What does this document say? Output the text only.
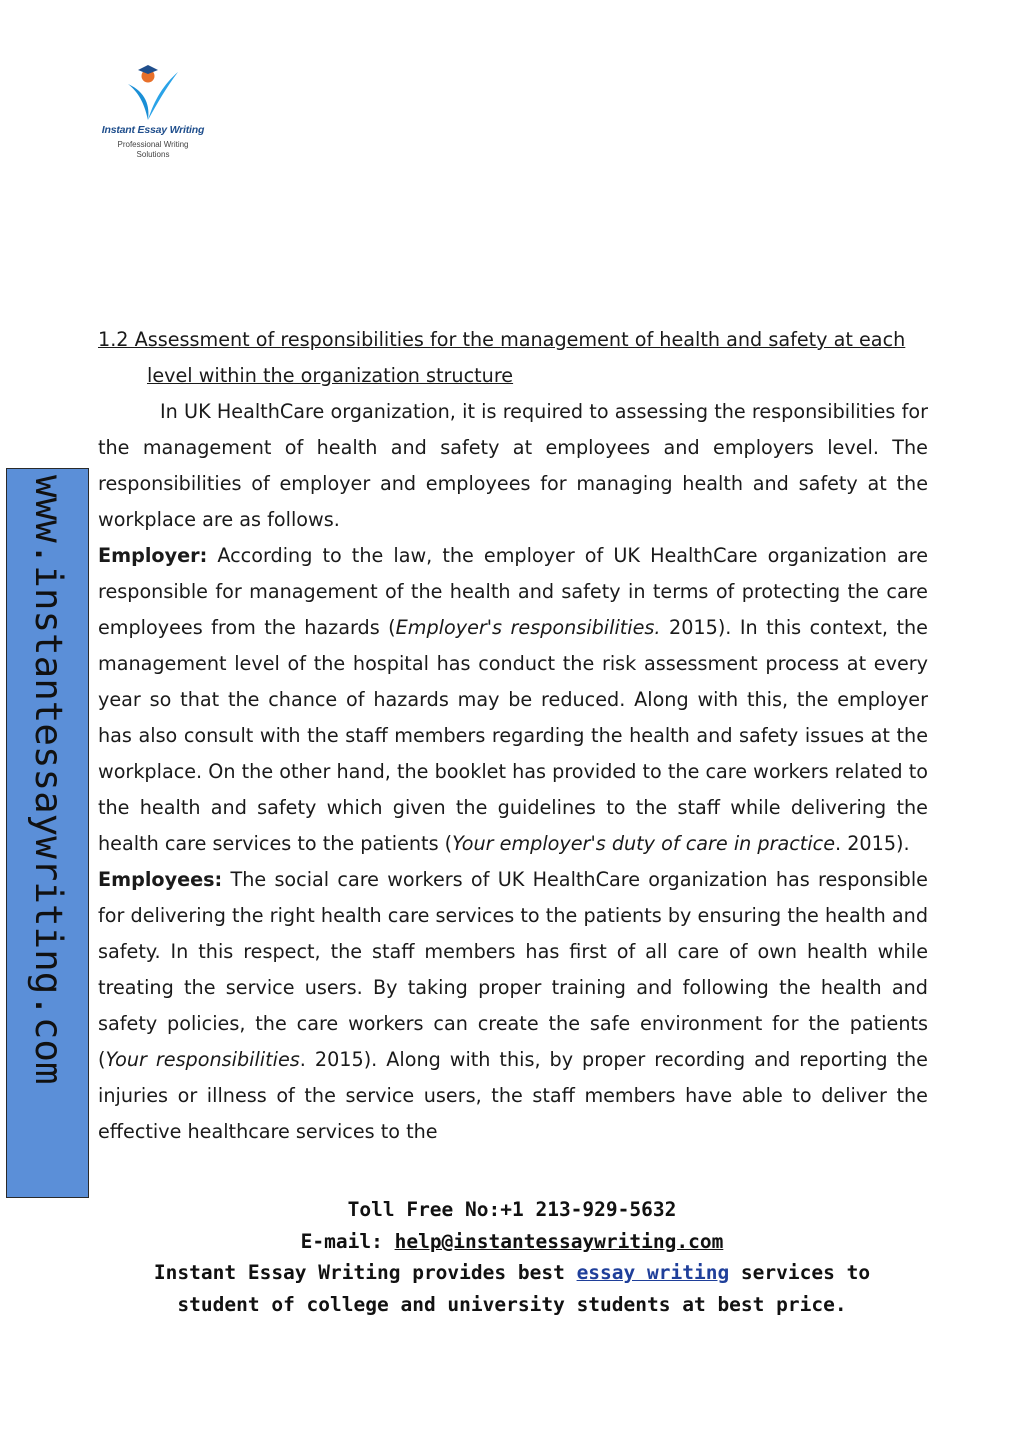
Instant Essay Writing
Professional Writing
Solutions
www.instantessaywriting.com

1.2 Assessment of responsibilities for the management of health and safety at each level within the organization structure

In UK HealthCare organization, it is required to assessing the responsibilities for the management of health and safety at employees and employers level. The responsibilities of employer and employees for managing health and safety at the workplace are as follows.

Employer: According to the law, the employer of UK HealthCare organization are responsible for management of the health and safety in terms of protecting the care employees from the hazards (Employer's responsibilities. 2015). In this context, the management level of the hospital has conduct the risk assessment process at every year so that the chance of hazards may be reduced. Along with this, the employer has also consult with the staff members regarding the health and safety issues at the workplace. On the other hand, the booklet has provided to the care workers related to the health and safety which given the guidelines to the staff while delivering the health care services to the patients (Your employer's duty of care in practice. 2015).

Employees: The social care workers of UK HealthCare organization has responsible for delivering the right health care services to the patients by ensuring the health and safety. In this respect, the staff members has first of all care of own health while treating the service users. By taking proper training and following the health and safety policies, the care workers can create the safe environment for the patients (Your responsibilities. 2015). Along with this, by proper recording and reporting the injuries or illness of the service users, the staff members have able to deliver the effective healthcare services to the

Toll Free No:+1 213-929-5632
E-mail: help@instantessaywriting.com
Instant Essay Writing provides best essay writing services to
student of college and university students at best price.
